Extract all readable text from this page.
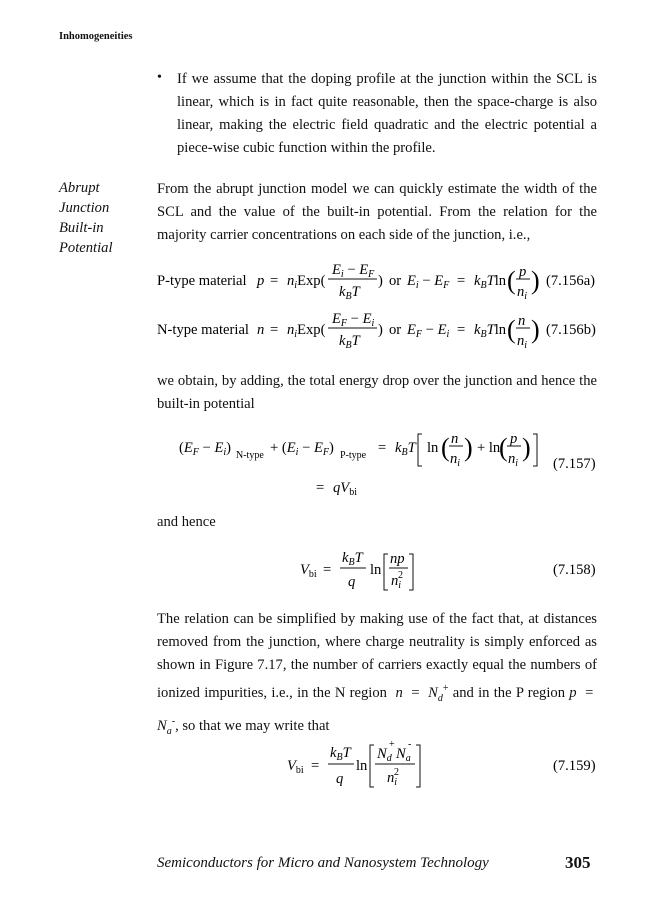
Inhomogeneities
• If we assume that the doping profile at the junction within the SCL is linear, which is in fact quite reasonable, then the space-charge is also linear, making the electric field quadratic and the electric potential a piece-wise cubic function within the profile.
Abrupt
Junction
Built-in
Potential
From the abrupt junction model we can quickly estimate the width of the SCL and the value of the built-in potential. From the relation for the majority carrier concentrations on each side of the junction, i.e.,
P-type material $p = n_iExp$(
$E_i - E_F$
$k_BT$
) or $E_i - E_F = k_BTln$ ( p
$n_i$
) (7.156a)
N-type material $n = n_iExp$(
$E_F - E_i$
$k_BT$
) or $E_F - E_i = k_BTln$ ( n
$n_i$
) (7.156b)
we obtain, by adding, the total energy drop over the junction and hence the built-in potential
$(E_F - E_i)$ N-type + $(E_i - E_F)$ P-type = $k_BT$ ln ( n
$n_i$
) + ln
( p
$n_i$
)
(7.157)
= $qV_{bi}$
and hence
$V_{bi}$ =
$k_BT$
q
ln
np
$n_i$
2	(7.158)
The relation can be simplified by making use of the fact that, at distances removed from the junction, where charge neutrality is simply enforced as shown in Figure 7.17, the number of carriers exactly equal the numbers of ionized impurities, i.e., in the N region  $n = N_d^+$ and in the P region $p = N_a^-$, so that we may write that
$V_{bi}$ =
$k_BT$
q
ln
$N_d$
+
$N_a$
-
$n_i$
2	(7.159)
Semiconductors for Micro and Nanosystem Technology	305
